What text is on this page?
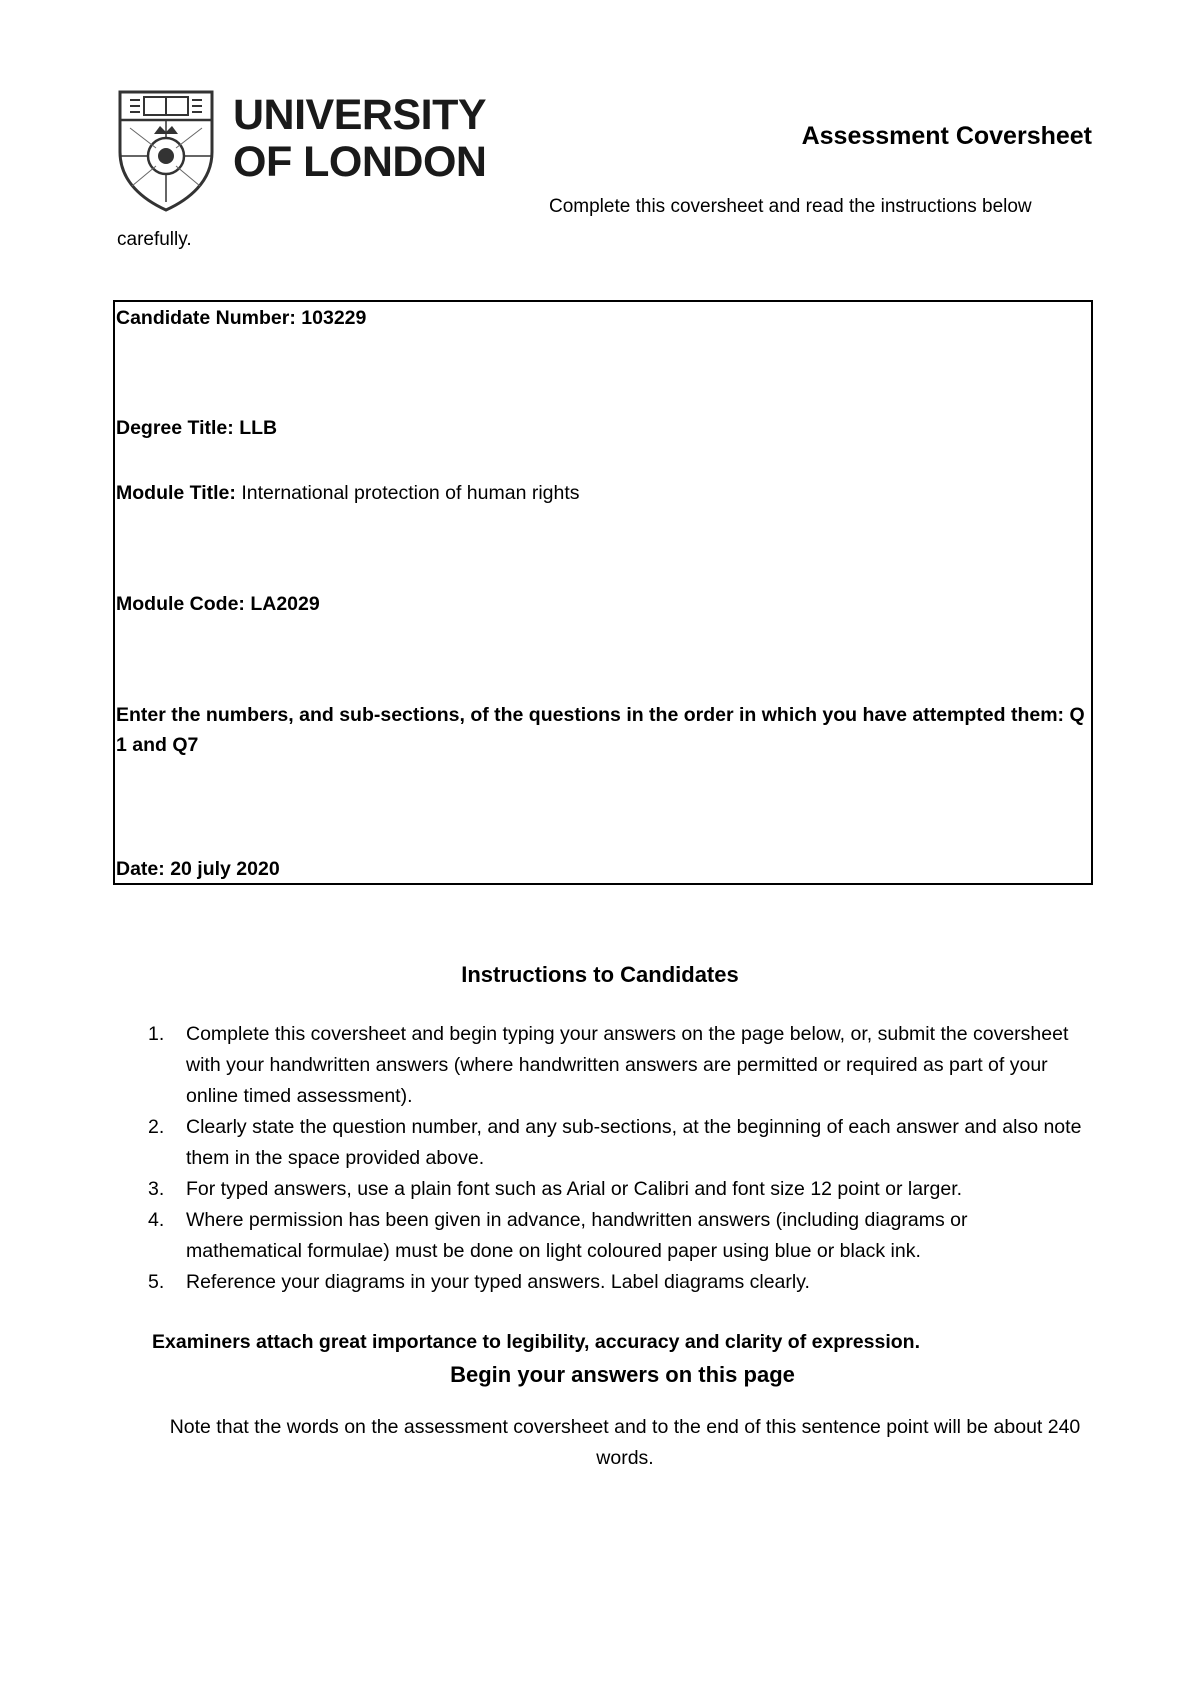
UNIVERSITY
OF LONDON
Assessment Coversheet
Complete this coversheet and read the instructions below carefully.
Candidate Number: 103229
Degree Title: LLB
Module Title: International protection of human rights
Module Code: LA2029
Enter the numbers, and sub-sections, of the questions in the order in which you have attempted them: Q 1 and Q7
Date: 20 july 2020
Instructions to Candidates
1. Complete this coversheet and begin typing your answers on the page below, or, submit the coversheet with your handwritten answers (where handwritten answers are permitted or required as part of your online timed assessment).
2. Clearly state the question number, and any sub-sections, at the beginning of each answer and also note them in the space provided above.
3. For typed answers, use a plain font such as Arial or Calibri and font size 12 point or larger.
4. Where permission has been given in advance, handwritten answers (including diagrams or mathematical formulae) must be done on light coloured paper using blue or black ink.
5. Reference your diagrams in your typed answers. Label diagrams clearly.
Examiners attach great importance to legibility, accuracy and clarity of expression.
Begin your answers on this page
Note that the words on the assessment coversheet and to the end of this sentence point will be about 240 words.
